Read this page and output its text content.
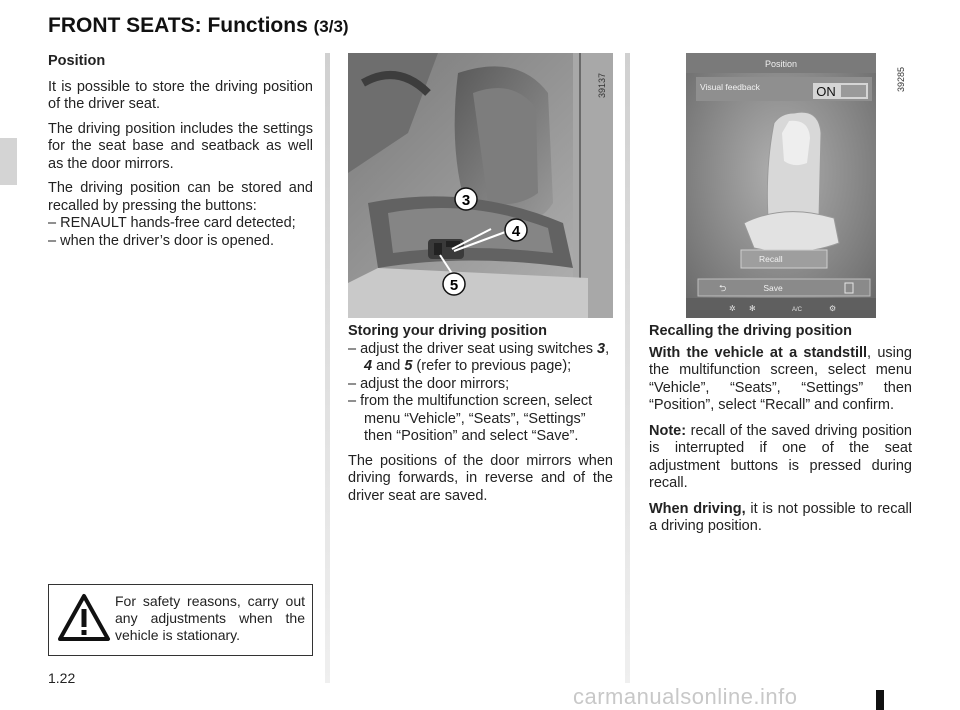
FRONT SEATS: Functions (3/3)

Position

It is possible to store the driving position of the driver seat.

The driving position includes the settings for the seat base and seatback as well as the door mirrors.

The driving position can be stored and recalled by pressing the buttons:

– RENAULT hands-free card detected;
– when the driver’s door is opened.
3
4
5
39137
Position
Visual feedback	ON
Recall
⮌	Save
✲ ✻	A/C	⚙
39285

Storing your driving position

– adjust the driver seat using switches 3, 4 and 5 (refer to previous page);
– adjust the door mirrors;
– from the multifunction screen, select menu “Vehicle”, “Seats”, “Settings” then “Position” and select “Save”.

The positions of the door mirrors when driving forwards, in reverse and of the driver seat are saved.

Recalling the driving position

With the vehicle at a standstill, using the multifunction screen, select menu “Vehicle”, “Seats”, “Settings” then “Position”, select “Recall” and confirm.

Note: recall of the saved driving position is interrupted if one of the seat adjustment buttons is pressed during recall.

When driving, it is not possible to recall a driving position.

For safety reasons, carry out any adjustments when the vehicle is stationary.
1.22
carmanualsonline.info
